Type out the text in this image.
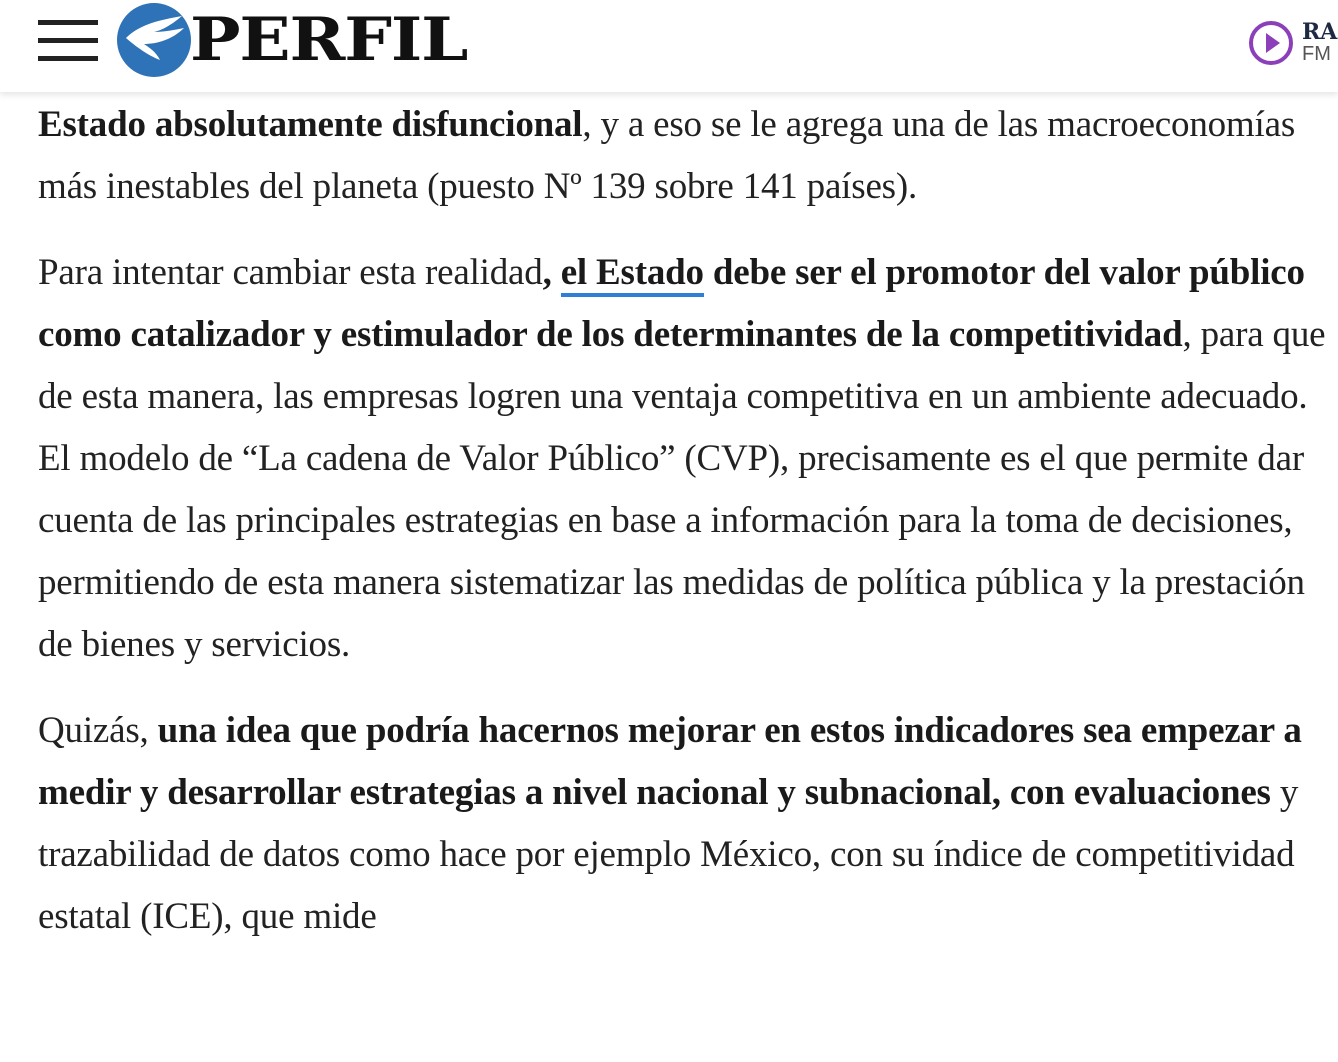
PERFIL	RA
FM

Estado absolutamente disfuncional, y a eso se le agrega una de las macroeconomías más inestables del planeta (puesto Nº 139 sobre 141 países).

Para intentar cambiar esta realidad, el Estado debe ser el promotor del valor público como catalizador y estimulador de los determinantes de la competitividad, para que de esta manera, las empresas logren una ventaja competitiva en un ambiente adecuado. El modelo de “La cadena de Valor Público” (CVP), precisamente es el que permite dar cuenta de las principales estrategias en base a información para la toma de decisiones, permitiendo de esta manera sistematizar las medidas de política pública y la prestación de bienes y servicios.

Quizás, una idea que podría hacernos mejorar en estos indicadores sea empezar a medir y desarrollar estrategias a nivel nacional y subnacional, con evaluaciones y trazabilidad de datos como hace por ejemplo México, con su índice de competitividad estatal (ICE), que mide
